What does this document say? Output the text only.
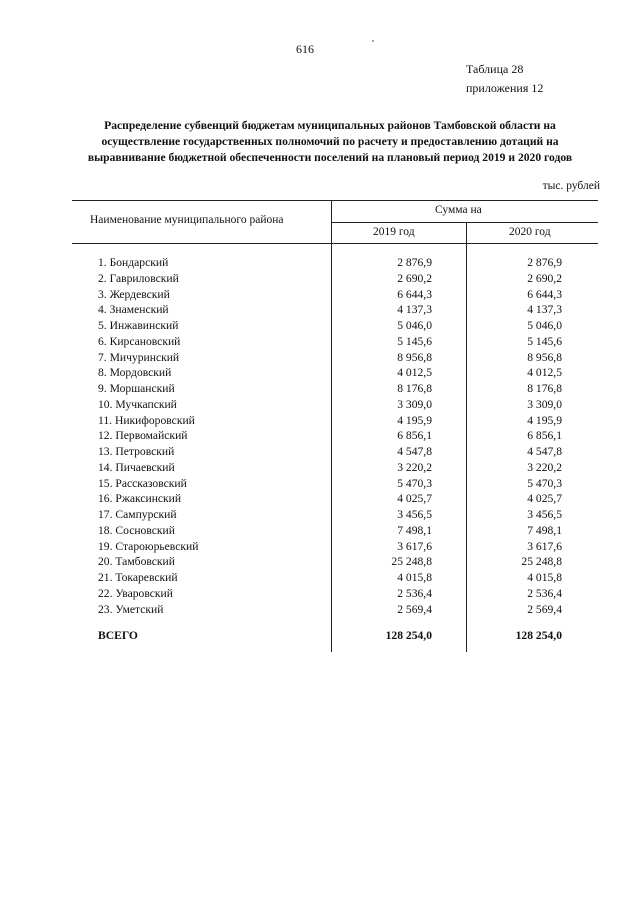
616
Таблица 28
приложения 12
Распределение субвенций бюджетам муниципальных районов Тамбовской области на
осуществление государственных полномочий по расчету и предоставлению дотаций на
выравнивание бюджетной обеспеченности поселений на плановый период 2019 и 2020 годов
тыс. рублей
Наименование муниципального района
Сумма на
2019 год	2020 год
1. Бондарский	2 876,9	2 876,9
2. Гавриловский	2 690,2	2 690,2
3. Жердевский	6 644,3	6 644,3
4. Знаменский	4 137,3	4 137,3
5. Инжавинский	5 046,0	5 046,0
6. Кирсановский	5 145,6	5 145,6
7. Мичуринский	8 956,8	8 956,8
8. Мордовский	4 012,5	4 012,5
9. Моршанский	8 176,8	8 176,8
10. Мучкапский	3 309,0	3 309,0
11. Никифоровский	4 195,9	4 195,9
12. Первомайский	6 856,1	6 856,1
13. Петровский	4 547,8	4 547,8
14. Пичаевский	3 220,2	3 220,2
15. Рассказовский	5 470,3	5 470,3
16. Ржаксинский	4 025,7	4 025,7
17. Сампурский	3 456,5	3 456,5
18. Сосновский	7 498,1	7 498,1
19. Староюрьевский	3 617,6	3 617,6
20. Тамбовский	25 248,8	25 248,8
21. Токаревский	4 015,8	4 015,8
22. Уваровский	2 536,4	2 536,4
23. Уметский	2 569,4	2 569,4
ВСЕГО	128 254,0	128 254,0
